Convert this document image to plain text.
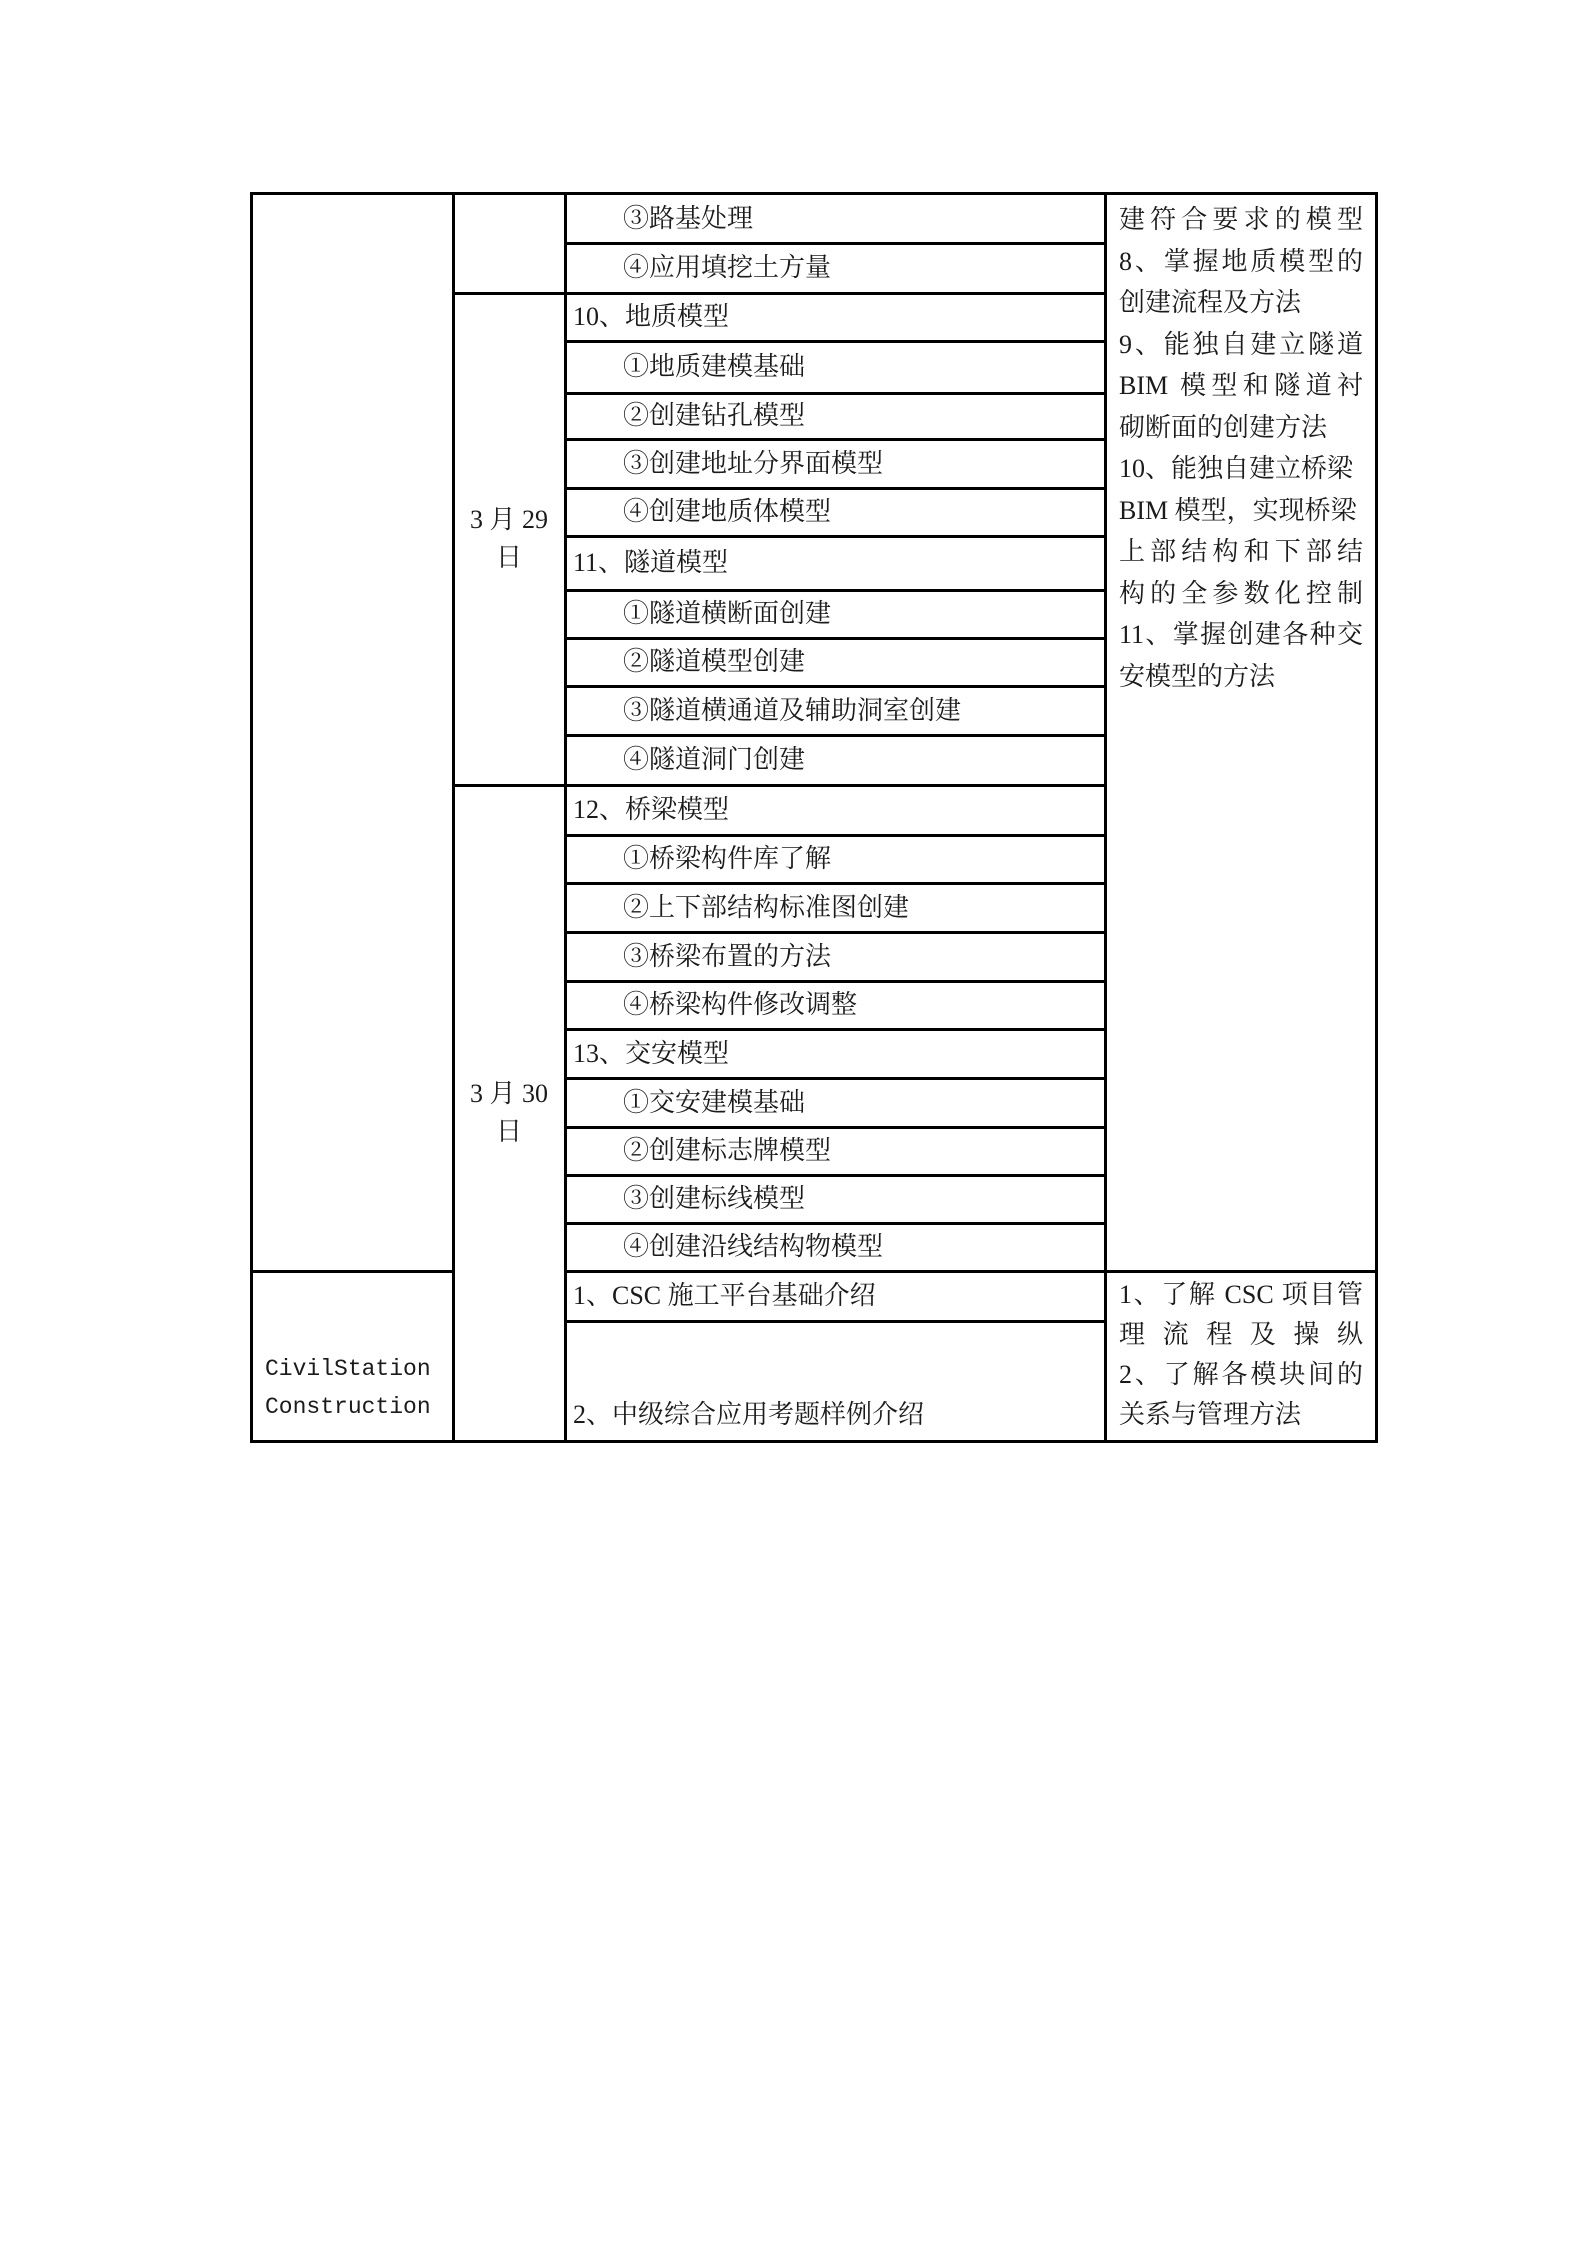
CivilStation
Construction
3 月 29
日
3 月 30
日
③路基处理
④应用填挖土方量
10、地质模型
①地质建模基础
②创建钻孔模型
③创建地址分界面模型
④创建地质体模型
11、隧道模型
①隧道横断面创建
②隧道模型创建
③隧道横通道及辅助洞室创建
④隧道洞门创建
12、桥梁模型
①桥梁构件库了解
②上下部结构标准图创建
③桥梁布置的方法
④桥梁构件修改调整
13、交安模型
①交安建模基础
②创建标志牌模型
③创建标线模型
④创建沿线结构物模型
1、CSC 施工平台基础介绍
2、中级综合应用考题样例介绍
建符合要求的模型
8、掌握地质模型的
创建流程及方法
9、能独自建立隧道
BIM 模型和隧道衬
砌断面的创建方法
10、能独自建立桥梁
BIM 模型，实现桥梁
上部结构和下部结
构的全参数化控制
11、掌握创建各种交
安模型的方法
1、了解 CSC 项目管
理流程及操纵
2、了解各模块间的
关系与管理方法
